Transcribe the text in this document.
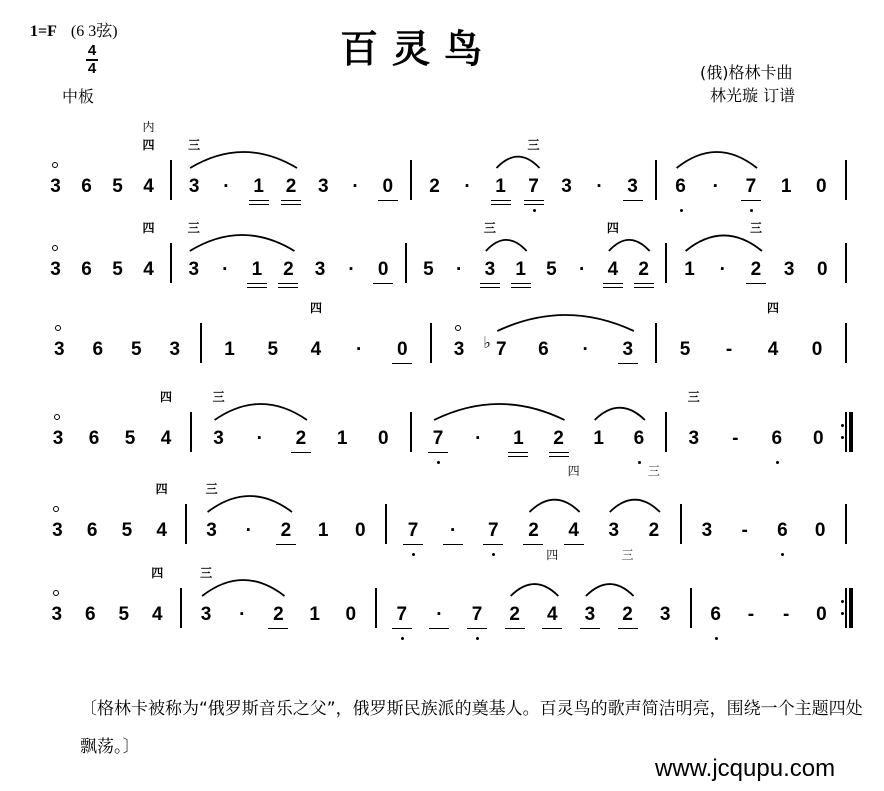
1=F (6 3弦)
4
4
中板
百灵鸟
(俄)格林卡曲
林光璇 订谱
3 6 5 4
四
内
3
三
·	1 2 3	·	0 2	·	1 7
三
3	·	3 6	·	7 1 0
3 6 5 4
四
3
三
·	1 2 3	·	0 5	·	3
三
1 5	·	4
四
2 1	·	2
三
3 0
3 6 5 3 1 5 4
四
·	0 3 7
♭ 6	·	3 5	-	4
四
0
3 6 5 4
四
3
三
·	2 1 0 7	·	1 2 1 6 3
三
-	6 0
3 6 5 4
四
3
三
·	2 1 0 7	·	7 2 4
四
3 2
三
3	-	6 0
3 6 5 4
四
3
三
·	2 1 0 7	·	7 2 4
四
3 2
三
3 6	-	-	0
〔格林卡被称为“俄罗斯音乐之父”，俄罗斯民族派的奠基人。百灵鸟的歌声简洁明亮，围绕一个主题四处飘荡。〕
www.jcqupu.com
